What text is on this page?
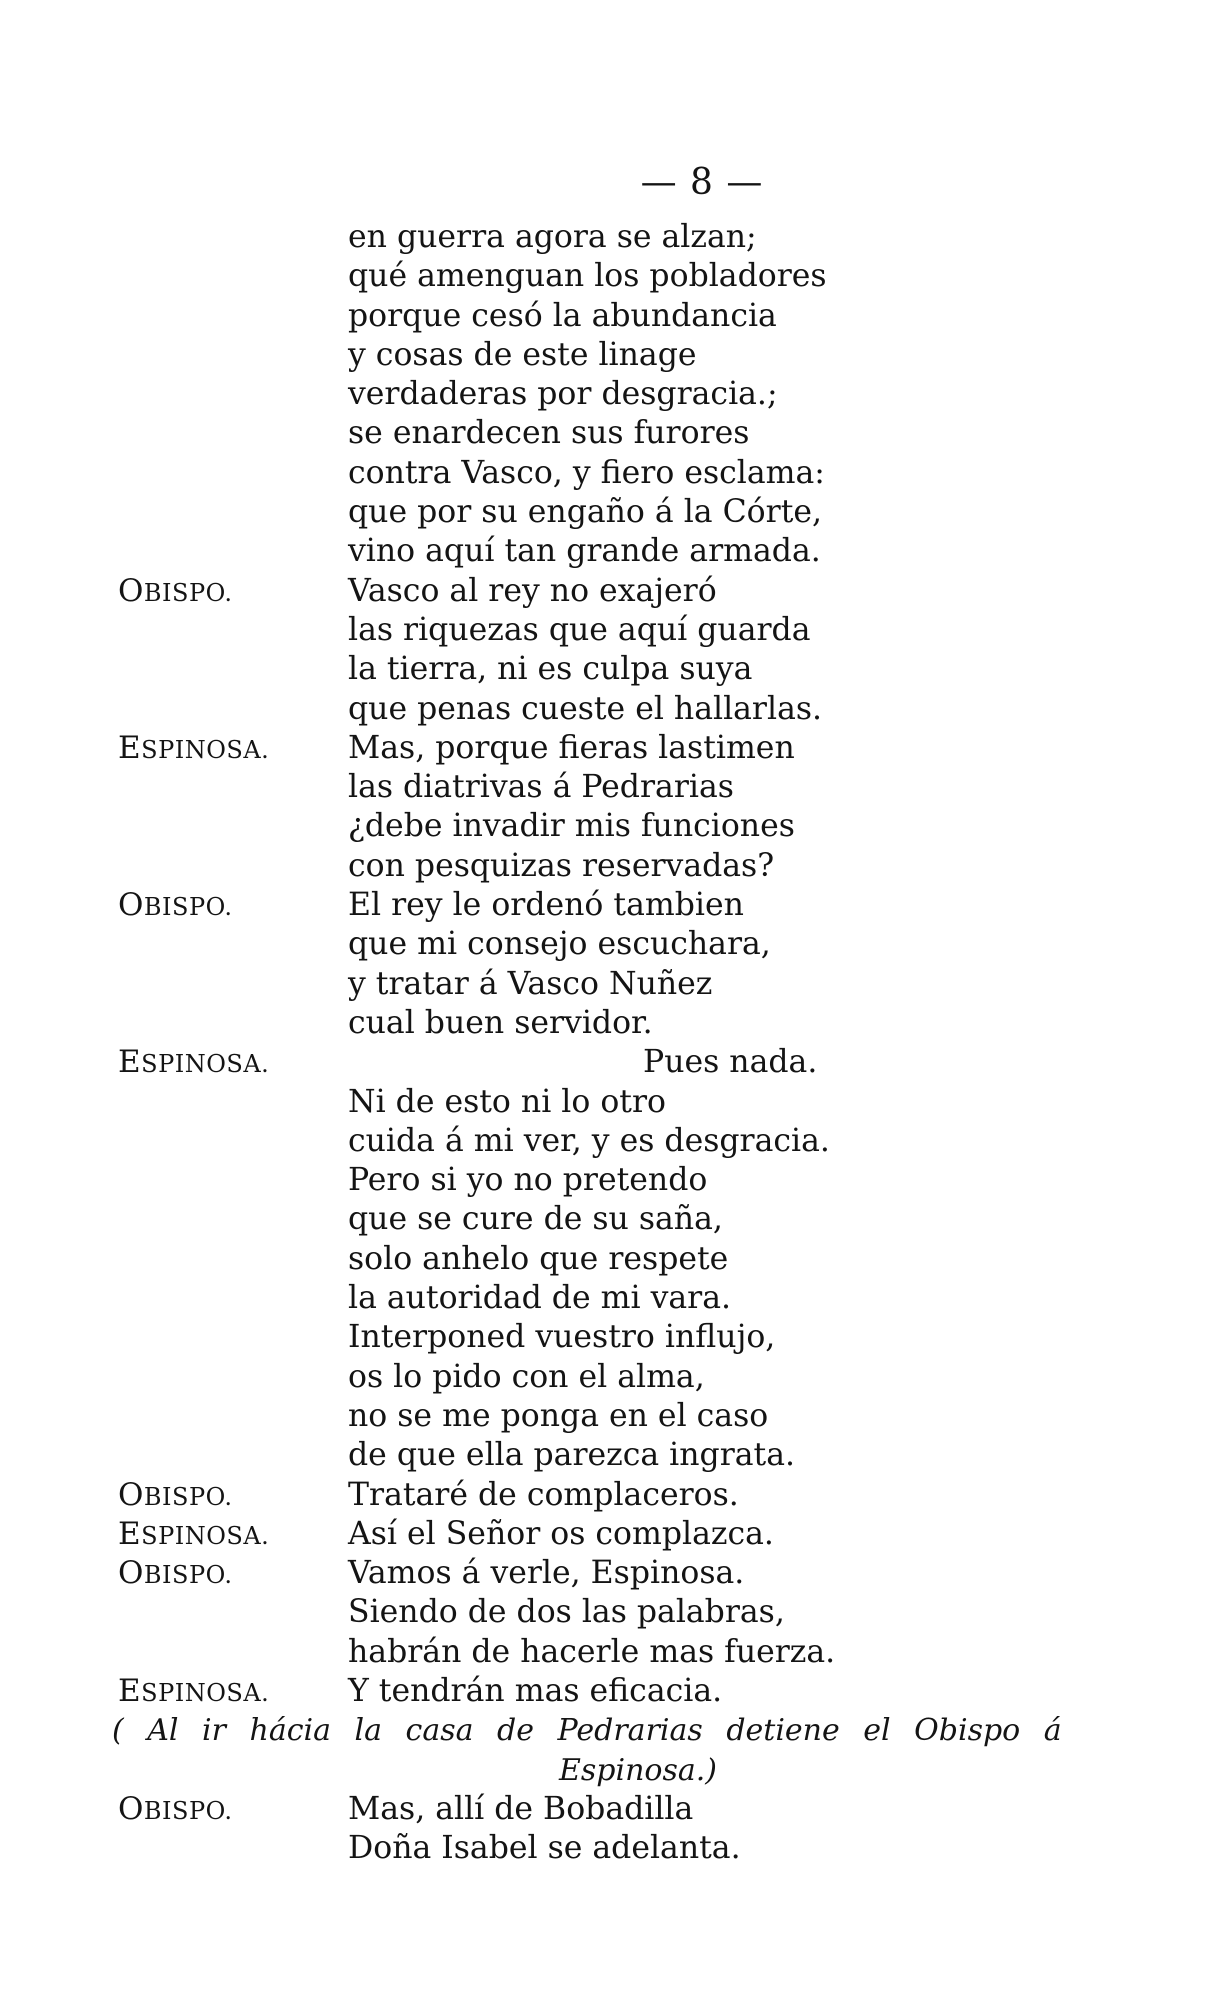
— 8 —
en guerra agora se alzan;
qué amenguan los pobladores
porque cesó la abundancia
y cosas de este linage
verdaderas por desgracia.;
se enardecen sus furores
contra Vasco, y fiero esclama:
que por su engaño á la Córte,
vino aquí tan grande armada.
OBISPO.	Vasco al rey no exajeró
las riquezas que aquí guarda
la tierra, ni es culpa suya
que penas cueste el hallarlas.
ESPINOSA. Mas, porque fieras lastimen
las diatrivas á Pedrarias
¿debe invadir mis funciones
con pesquizas reservadas?
OBISPO.	El rey le ordenó tambien
que mi consejo escuchara,
y tratar á Vasco Nuñez
cual buen servidor.
ESPINOSA.	Pues nada.
Ni de esto ni lo otro
cuida á mi ver, y es desgracia.
Pero si yo no pretendo
que se cure de su saña,
solo anhelo que respete
la autoridad de mi vara.
Interponed vuestro influjo,
os lo pido con el alma,
no se me ponga en el caso
de que ella parezca ingrata.
OBISPO.	Trataré de complaceros.
ESPINOSA. Así el Señor os complazca.
OBISPO.	Vamos á verle, Espinosa.
Siendo de dos las palabras,
habrán de hacerle mas fuerza.
ESPINOSA. Y tendrán mas eficacia.
( Al ir hácia la casa de Pedrarias detiene el Obispo á
Espinosa.)
OBISPO.	Mas, allí de Bobadilla
Doña Isabel se adelanta.
